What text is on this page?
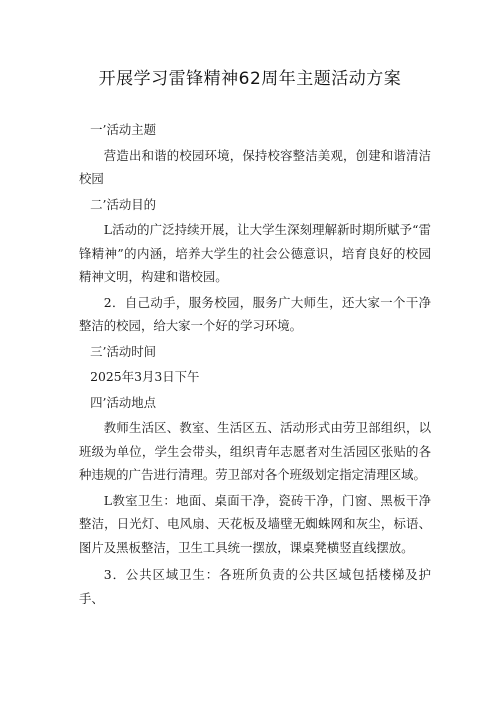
开展学习雷锋精神62周年主题活动方案

一’活动主题

营造出和谐的校园环境，保持校容整洁美观，创建和谐清洁校园

二’活动目的

L活动的广泛持续开展，让大学生深刻理解新时期所赋予“雷锋精神”的内涵，培养大学生的社会公德意识，培育良好的校园精神文明，构建和谐校园。

2．自己动手，服务校园，服务广大师生，还大家一个干净整洁的校园，给大家一个好的学习环境。

三’活动时间

2025年3月3日下午

四’活动地点

教师生活区、教室、生活区五、活动形式由劳卫部组织，以班级为单位，学生会带头，组织青年志愿者对生活园区张贴的各种违规的广告进行清理。劳卫部对各个班级划定指定清理区域。

L教室卫生：地面、桌面干净，瓷砖干净，门窗、黑板干净整洁，日光灯、电风扇、天花板及墙壁无蜘蛛网和灰尘，标语、图片及黑板整洁，卫生工具统一摆放，课桌凳横竖直线摆放。

3．公共区域卫生：各班所负责的公共区域包括楼梯及护手、
